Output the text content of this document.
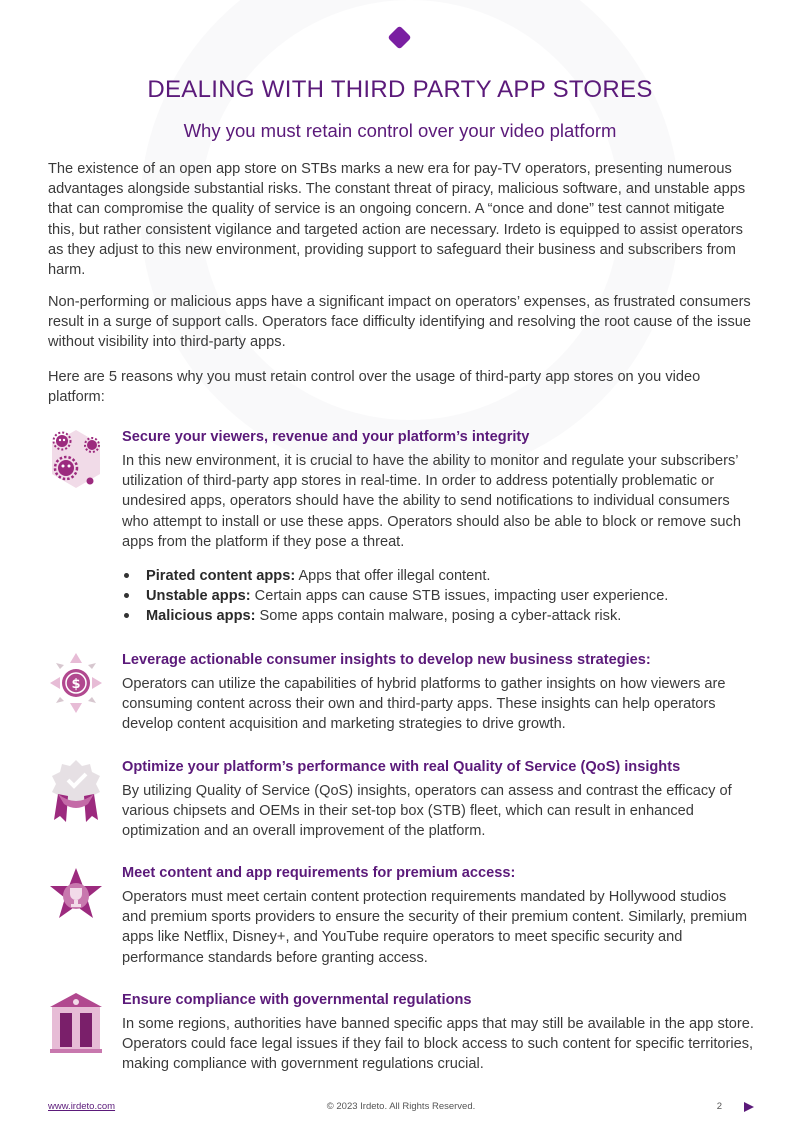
DEALING WITH THIRD PARTY APP STORES
Why you must retain control over your video platform

The existence of an open app store on STBs marks a new era for pay-TV operators, presenting numerous advantages alongside substantial risks. The constant threat of piracy, malicious software, and unstable apps that can compromise the quality of service is an ongoing concern. A “once and done” test cannot mitigate this, but rather consistent vigilance and targeted action are necessary. Irdeto is equipped to assist operators as they adjust to this new environment, providing support to safeguard their business and subscribers from harm.

Non-performing or malicious apps have a significant impact on operators’ expenses, as frustrated consumers result in a surge of support calls. Operators face difficulty identifying and resolving the root cause of the issue without visibility into third-party apps.

Here are 5 reasons why you must retain control over the usage of third-party app stores on you video platform:

Secure your viewers, revenue and your platform’s integrity

In this new environment, it is crucial to have the ability to monitor and regulate your subscribers’ utilization of third-party app stores in real-time. In order to address potentially problematic or undesired apps, operators should have the ability to send notifications to individual consumers who attempt to install or use these apps. Operators should also be able to block or remove such apps from the platform if they pose a threat.

Pirated content apps: Apps that offer illegal content.
Unstable apps: Certain apps can cause STB issues, impacting user experience.
Malicious apps: Some apps contain malware, posing a cyber-attack risk.
$
Leverage actionable consumer insights to develop new business strategies:

Operators can utilize the capabilities of hybrid platforms to gather insights on how viewers are consuming content across their own and third-party apps. These insights can help operators develop content acquisition and marketing strategies to drive growth.

Optimize your platform’s performance with real Quality of Service (QoS) insights

By utilizing Quality of Service (QoS) insights, operators can assess and contrast the efficacy of various chipsets and OEMs in their set-top box (STB) fleet, which can result in enhanced optimization and an overall improvement of the platform.

Meet content and app requirements for premium access:

Operators must meet certain content protection requirements mandated by Hollywood studios and premium sports providers to ensure the security of their premium content. Similarly, premium apps like Netflix, Disney+, and YouTube require operators to meet specific security and performance standards before granting access.

Ensure compliance with governmental regulations

In some regions, authorities have banned specific apps that may still be available in the app store. Operators could face legal issues if they fail to block access to such content for specific territories, making compliance with government regulations crucial.

www.irdeto.com	© 2023 Irdeto. All Rights Reserved.	2
